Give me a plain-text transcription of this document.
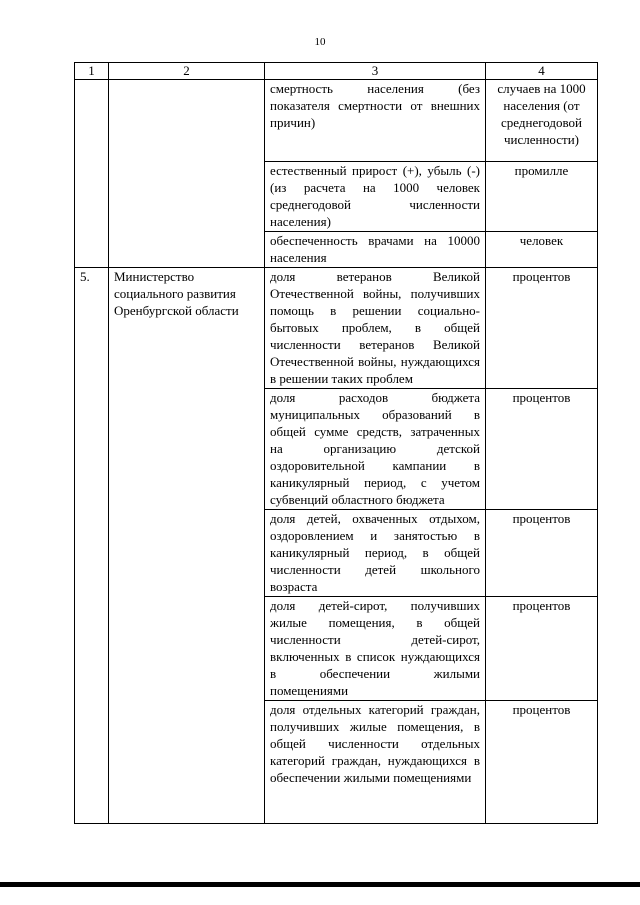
10
1	2	3	4
		смертность населения (без показателя смертности от внешних причин)	случаев на 1000 населения (от среднегодовой численности)
		естественный прирост (+), убыль (-) (из расчета на 1000 человек среднегодовой численности населения)	промилле
		обеспеченность врачами на 10000 населения	человек
5.	Министерство социального развития Оренбургской области	доля ветеранов Великой Отечественной войны, получивших помощь в решении социально-бытовых проблем, в общей численности ветеранов Великой Отечественной войны, нуждающихся в решении таких проблем	процентов
		доля расходов бюджета муниципальных образований в общей сумме средств, затраченных на организацию детской оздоровительной кампании в каникулярный период, с учетом субвенций областного бюджета	процентов
		доля детей, охваченных отдыхом, оздоровлением и занятостью в каникулярный период, в общей численности детей школьного возраста	процентов
		доля детей-сирот, получивших жилые помещения, в общей численности детей-сирот, включенных в список нуждающихся в обеспечении жилыми помещениями	процентов
		доля отдельных категорий граждан, получивших жилые помещения, в общей численности отдельных категорий граждан, нуждающихся в обеспечении жилыми помещениями	процентов
